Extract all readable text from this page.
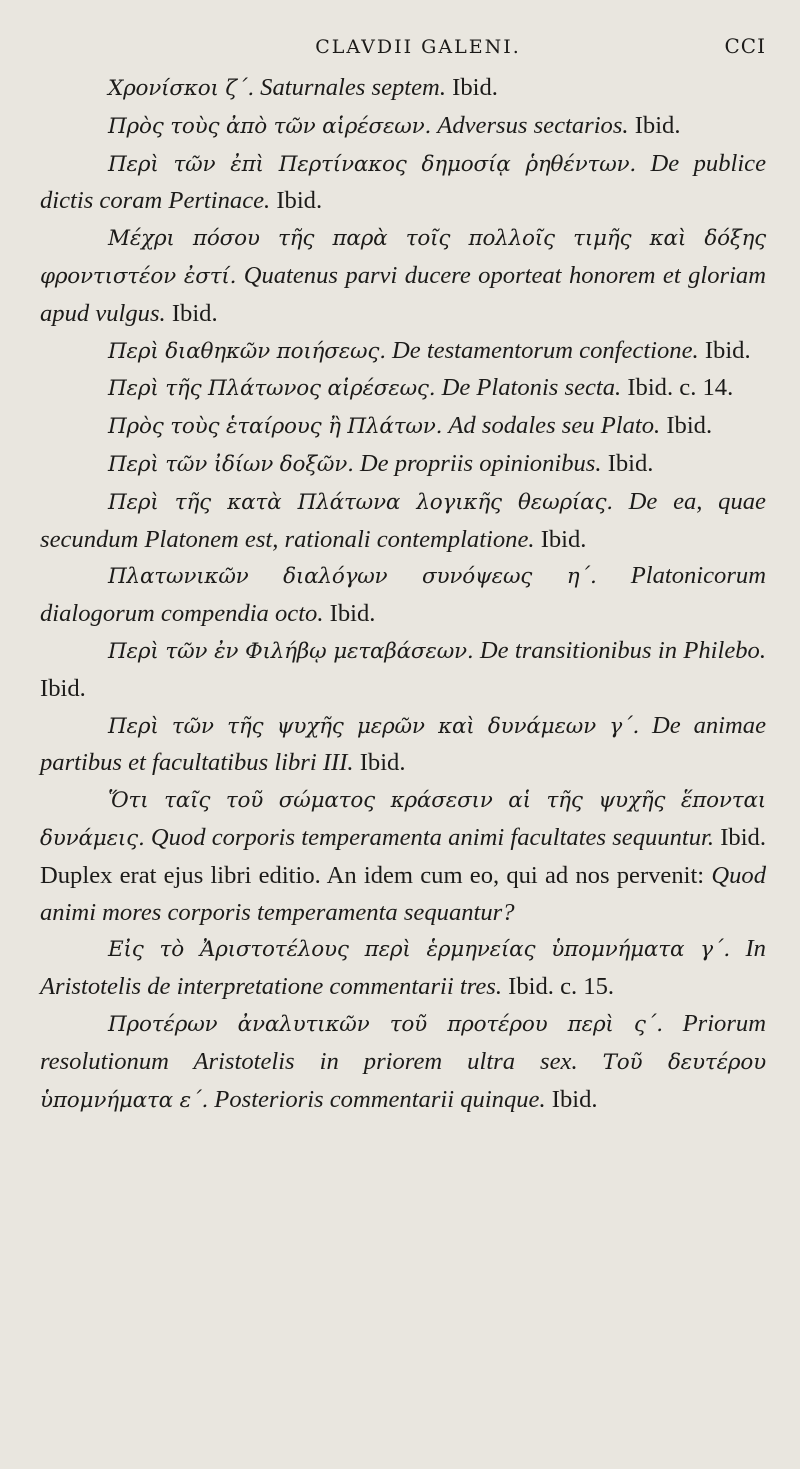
CLAVDII GALENI.	CCI

Χρονίσκοι ζ΄. Saturnales septem. Ibid.

Πρὸς τοὺς ἀπὸ τῶν αἱρέσεων. Adversus sectarios. Ibid.

Περὶ τῶν ἐπὶ Περτίνακος δημοσίᾳ ῥηθέντων. De publice dictis coram Pertinace. Ibid.

Μέχρι πόσου τῆς παρὰ τοῖς πολλοῖς τιμῆς καὶ δόξης φροντιστέον ἐστί. Quatenus parvi ducere oporteat honorem et gloriam apud vulgus. Ibid.

Περὶ διαθηκῶν ποιήσεως. De testamentorum confectione. Ibid.

Περὶ τῆς Πλάτωνος αἱρέσεως. De Platonis secta. Ibid. c. 14.

Πρὸς τοὺς ἑταίρους ἢ Πλάτων. Ad sodales seu Plato. Ibid.

Περὶ τῶν ἰδίων δοξῶν. De propriis opinionibus. Ibid.

Περὶ τῆς κατὰ Πλάτωνα λογικῆς θεωρίας. De ea, quae secundum Platonem est, rationali contemplatione. Ibid.

Πλατωνικῶν διαλόγων συνόψεως η΄. Platonicorum dialogorum compendia octo. Ibid.

Περὶ τῶν ἐν Φιλήβῳ μεταβάσεων. De transitionibus in Philebo. Ibid.

Περὶ τῶν τῆς ψυχῆς μερῶν καὶ δυνάμεων γ΄. De animae partibus et facultatibus libri III. Ibid.

Ὅτι ταῖς τοῦ σώματος κράσεσιν αἱ τῆς ψυχῆς ἕπονται δυνάμεις. Quod corporis temperamenta animi facultates sequuntur. Ibid. Duplex erat ejus libri editio. An idem cum eo, qui ad nos pervenit: Quod animi mores corporis temperamenta sequantur?

Εἰς τὸ Ἀριστοτέλους περὶ ἑρμηνείας ὑπομνήματα γ΄. In Aristotelis de interpretatione commentarii tres. Ibid. c. 15.

Προτέρων ἀναλυτικῶν τοῦ προτέρου περὶ ς΄. Priorum resolutionum Aristotelis in priorem ultra sex. Τοῦ δευτέρου ὑπομνήματα ε΄. Posterioris commentarii quinque. Ibid.
